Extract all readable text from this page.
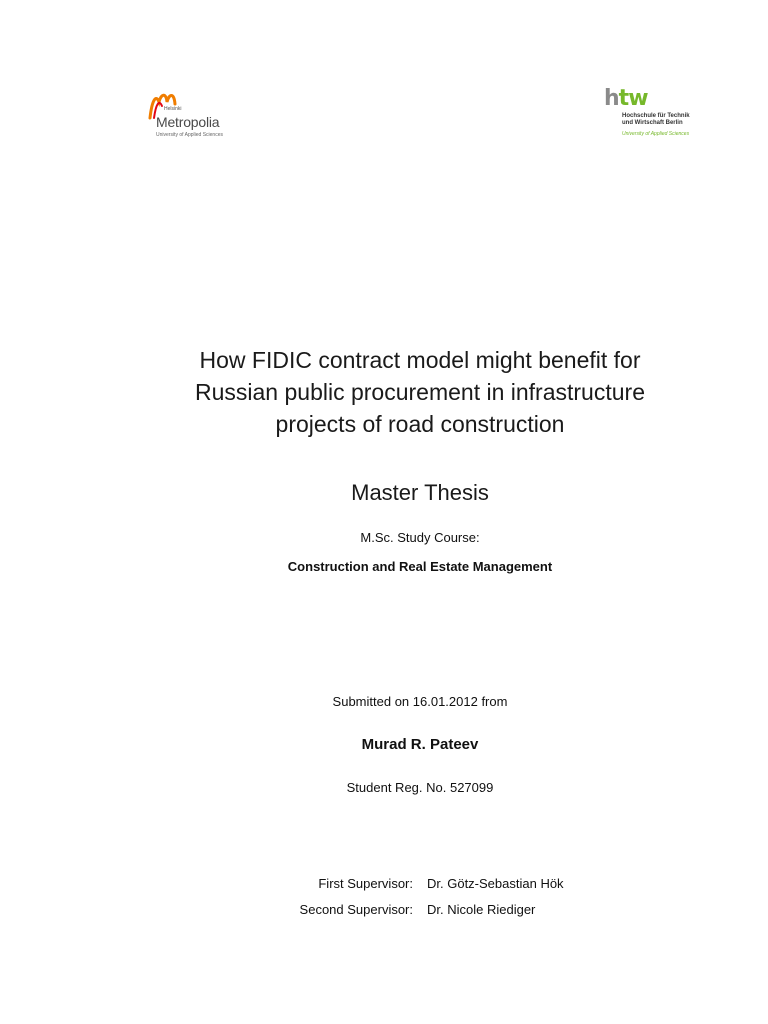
Helsinki
Metropolia
University of Applied Sciences
htw
Hochschule für Technik
und Wirtschaft Berlin
University of Applied Sciences
How FIDIC contract model might benefit for Russian public procurement in infrastructure projects of road construction
Master Thesis
M.Sc. Study Course:
Construction and Real Estate Management
Submitted on 16.01.2012 from
Murad R. Pateev
Student Reg. No. 527099
First Supervisor: Dr. Götz-Sebastian Hök
Second Supervisor: Dr. Nicole Riediger
